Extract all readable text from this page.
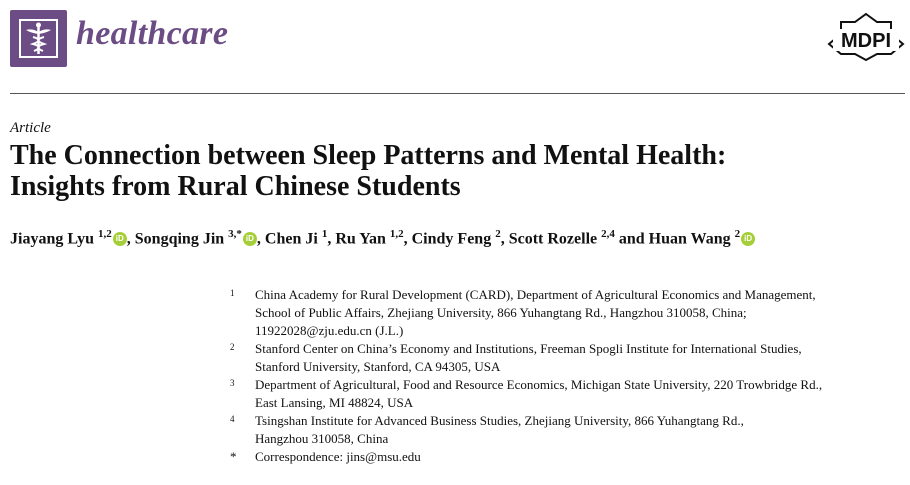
healthcare	MDPI
Article
The Connection between Sleep Patterns and Mental Health:
Insights from Rural Chinese Students
Jiayang Lyu $^{1,2}$ iD , Songqing Jin $^{3,*}$ iD , Chen Ji $^1$, Ru Yan $^{1,2}$, Cindy Feng $^2$, Scott Rozelle $^{2,4}$ and Huan Wang $^2$ iD
1 China Academy for Rural Development (CARD), Department of Agricultural Economics and Management,
School of Public Affairs, Zhejiang University, 866 Yuhangtang Rd., Hangzhou 310058, China;
11922028@zju.edu.cn (J.L.)
2 Stanford Center on China’s Economy and Institutions, Freeman Spogli Institute for International Studies,
Stanford University, Stanford, CA 94305, USA
3 Department of Agricultural, Food and Resource Economics, Michigan State University, 220 Trowbridge Rd.,
East Lansing, MI 48824, USA
4 Tsingshan Institute for Advanced Business Studies, Zhejiang University, 866 Yuhangtang Rd.,
Hangzhou 310058, China
* Correspondence: jins@msu.edu
